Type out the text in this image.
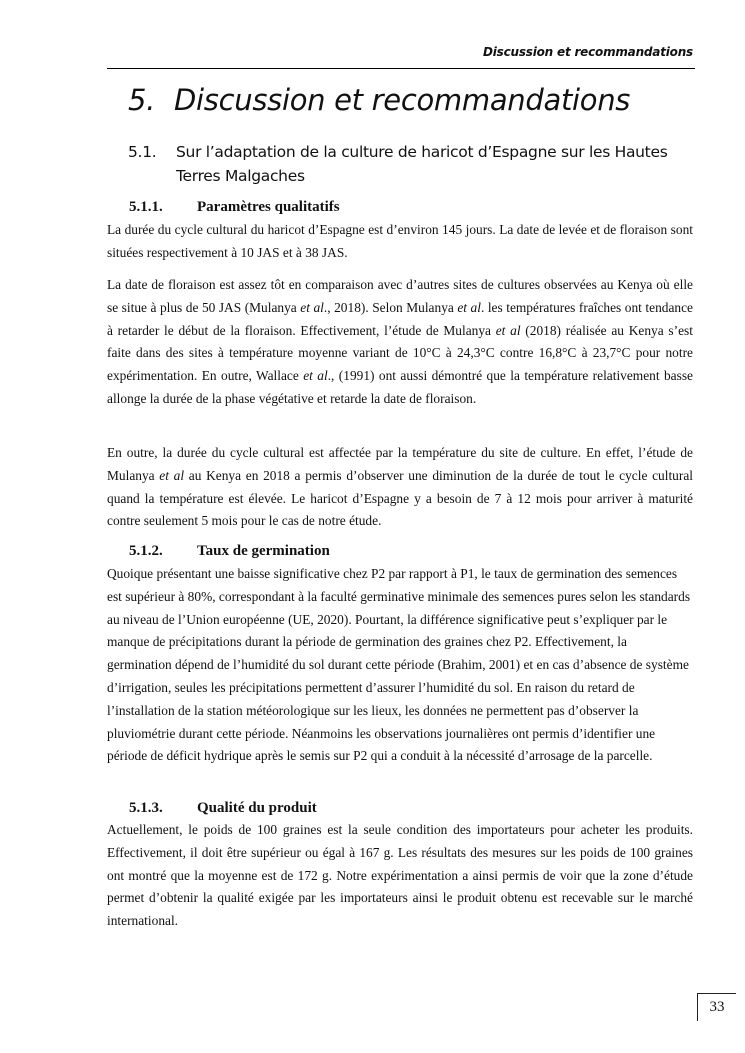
Discussion et recommandations
5. Discussion et recommandations
5.1. Sur l’adaptation de la culture de haricot d’Espagne sur les Hautes Terres Malgaches
5.1.1. Paramètres qualitatifs

La durée du cycle cultural du haricot d’Espagne est d’environ 145 jours. La date de levée et de floraison sont situées respectivement à 10 JAS et à 38 JAS.

La date de floraison est assez tôt en comparaison avec d’autres sites de cultures observées au Kenya où elle se situe à plus de 50 JAS (Mulanya et al., 2018). Selon Mulanya et al. les températures fraîches ont tendance à retarder le début de la floraison. Effectivement, l’étude de Mulanya et al (2018) réalisée au Kenya s’est faite dans des sites à température moyenne variant de 10°C à 24,3°C contre 16,8°C à 23,7°C pour notre expérimentation. En outre, Wallace et al., (1991) ont aussi démontré que la température relativement basse allonge la durée de la phase végétative et retarde la date de floraison.

En outre, la durée du cycle cultural est affectée par la température du site de culture. En effet, l’étude de Mulanya et al au Kenya en 2018 a permis d’observer une diminution de la durée de tout le cycle cultural quand la température est élevée. Le haricot d’Espagne y a besoin de 7 à 12 mois pour arriver à maturité contre seulement 5 mois pour le cas de notre étude.

5.1.2. Taux de germination

Quoique présentant une baisse significative chez P2 par rapport à P1, le taux de germination des semences est supérieur à 80%, correspondant à la faculté germinative minimale des semences pures selon les standards au niveau de l’Union européenne (UE, 2020). Pourtant, la différence significative peut s’expliquer par le manque de précipitations durant la période de germination des graines chez P2. Effectivement, la germination dépend de l’humidité du sol durant cette période (Brahim, 2001) et en cas d’absence de système d’irrigation, seules les précipitations permettent d’assurer l’humidité du sol. En raison du retard de l’installation de la station météorologique sur les lieux, les données ne permettent pas d’observer la pluviométrie durant cette période. Néanmoins les observations journalières ont permis d’identifier une période de déficit hydrique après le semis sur P2 qui a conduit à la nécessité d’arrosage de la parcelle.

5.1.3. Qualité du produit

Actuellement, le poids de 100 graines est la seule condition des importateurs pour acheter les produits. Effectivement, il doit être supérieur ou égal à 167 g. Les résultats des mesures sur les poids de 100 graines ont montré que la moyenne est de 172 g. Notre expérimentation a ainsi permis de voir que la zone d’étude permet d’obtenir la qualité exigée par les importateurs ainsi le produit obtenu est recevable sur le marché international.

33
